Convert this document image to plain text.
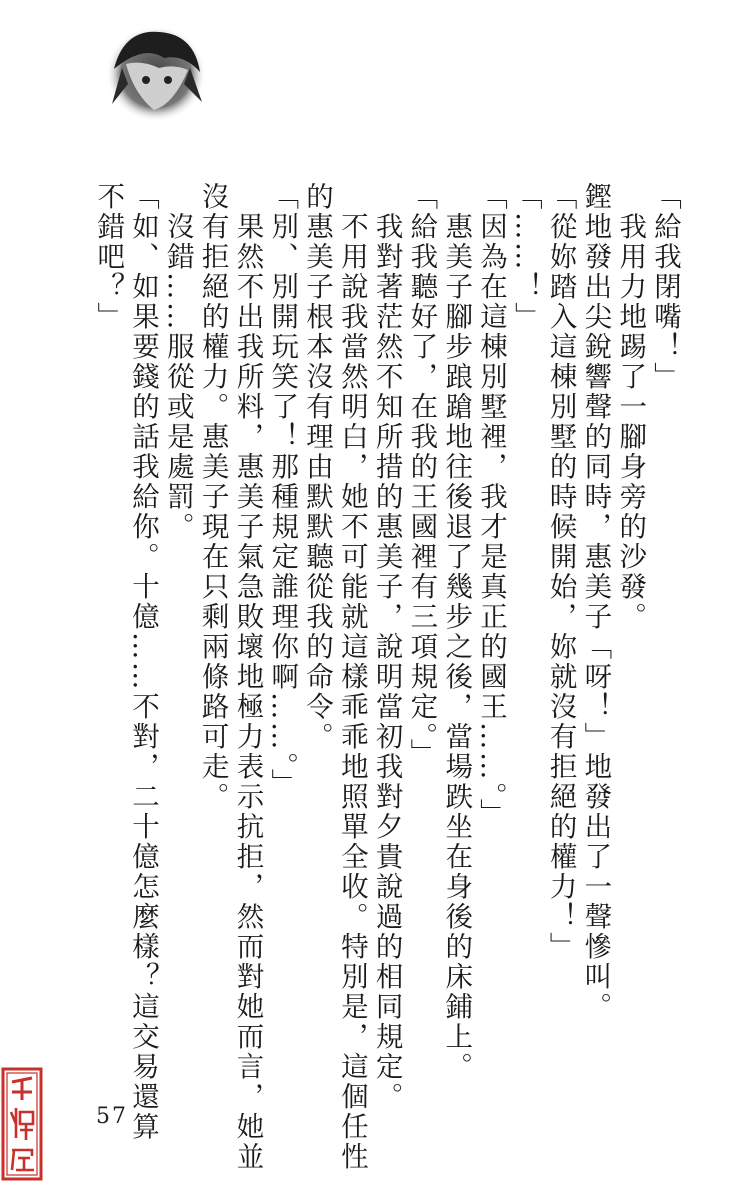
「給我閉嘴！」

我用力地踢了一腳身旁的沙發。

鏗地發出尖銳響聲的同時，惠美子「呀！」地發出了一聲慘叫。

「從妳踏入這棟別墅的時候開始，妳就沒有拒絕的權力！」

「……！」

「因為在這棟別墅裡，我才是真正的國王……。」

惠美子腳步踉蹌地往後退了幾步之後，當場跌坐在身後的床鋪上。

「給我聽好了，在我的王國裡有三項規定。」

我對著茫然不知所措的惠美子，說明當初我對夕貴說過的相同規定。

不用說我當然明白，她不可能就這樣乖乖地照單全收。特別是，這個任性

的惠美子根本沒有理由默默聽從我的命令。

「別、別開玩笑了！那種規定誰理你啊……。」

果然不出我所料，惠美子氣急敗壞地極力表示抗拒，然而對她而言，她並

沒有拒絕的權力。惠美子現在只剩兩條路可走。

沒錯……服從或是處罰。

「如、如果要錢的話我給你。十億……不對，二十億怎麼樣？這交易還算

不錯吧？」

57
